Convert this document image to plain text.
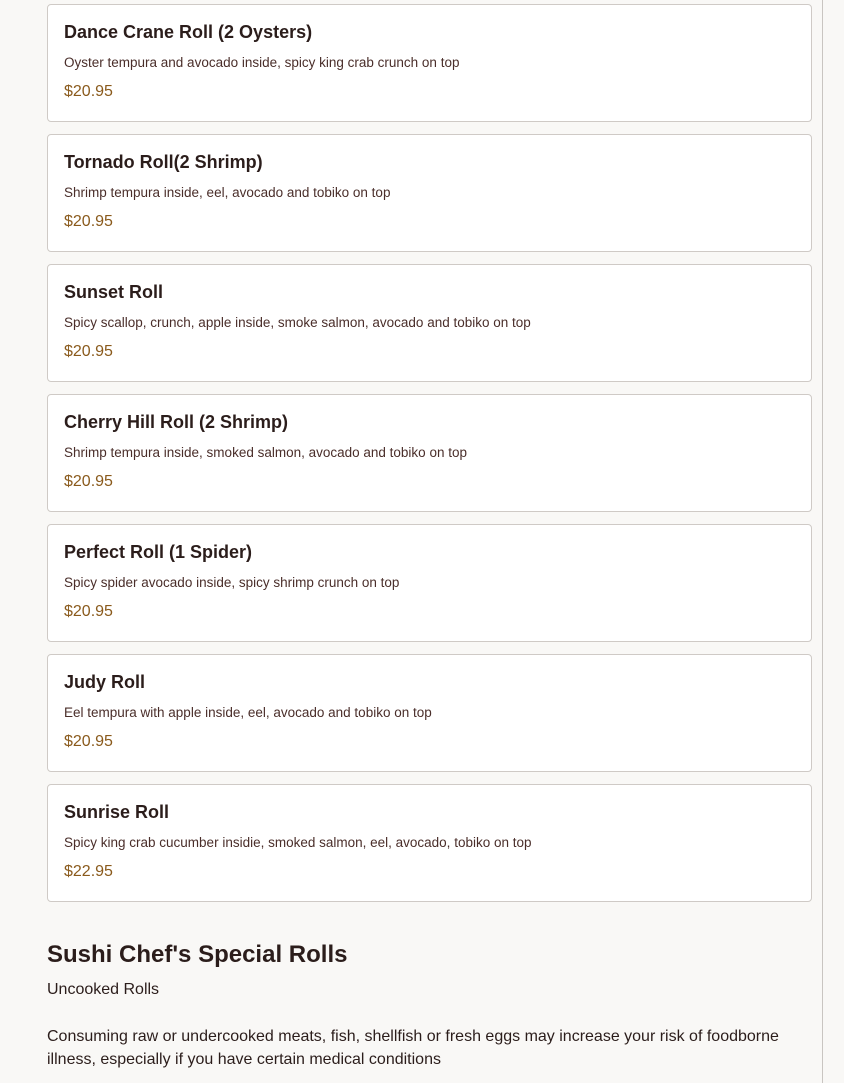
Dance Crane Roll (2 Oysters)
Oyster tempura and avocado inside, spicy king crab crunch on top
$20.95
Tornado Roll(2 Shrimp)
Shrimp tempura inside, eel, avocado and tobiko on top
$20.95
Sunset Roll
Spicy scallop, crunch, apple inside, smoke salmon, avocado and tobiko on top
$20.95
Cherry Hill Roll (2 Shrimp)
Shrimp tempura inside, smoked salmon, avocado and tobiko on top
$20.95
Perfect Roll (1 Spider)
Spicy spider avocado inside, spicy shrimp crunch on top
$20.95
Judy Roll
Eel tempura with apple inside, eel, avocado and tobiko on top
$20.95
Sunrise Roll
Spicy king crab cucumber insidie, smoked salmon, eel, avocado, tobiko on top
$22.95
Sushi Chef's Special Rolls
Uncooked Rolls
Consuming raw or undercooked meats, fish, shellfish or fresh eggs may increase your risk of foodborne illness, especially if you have certain medical conditions
